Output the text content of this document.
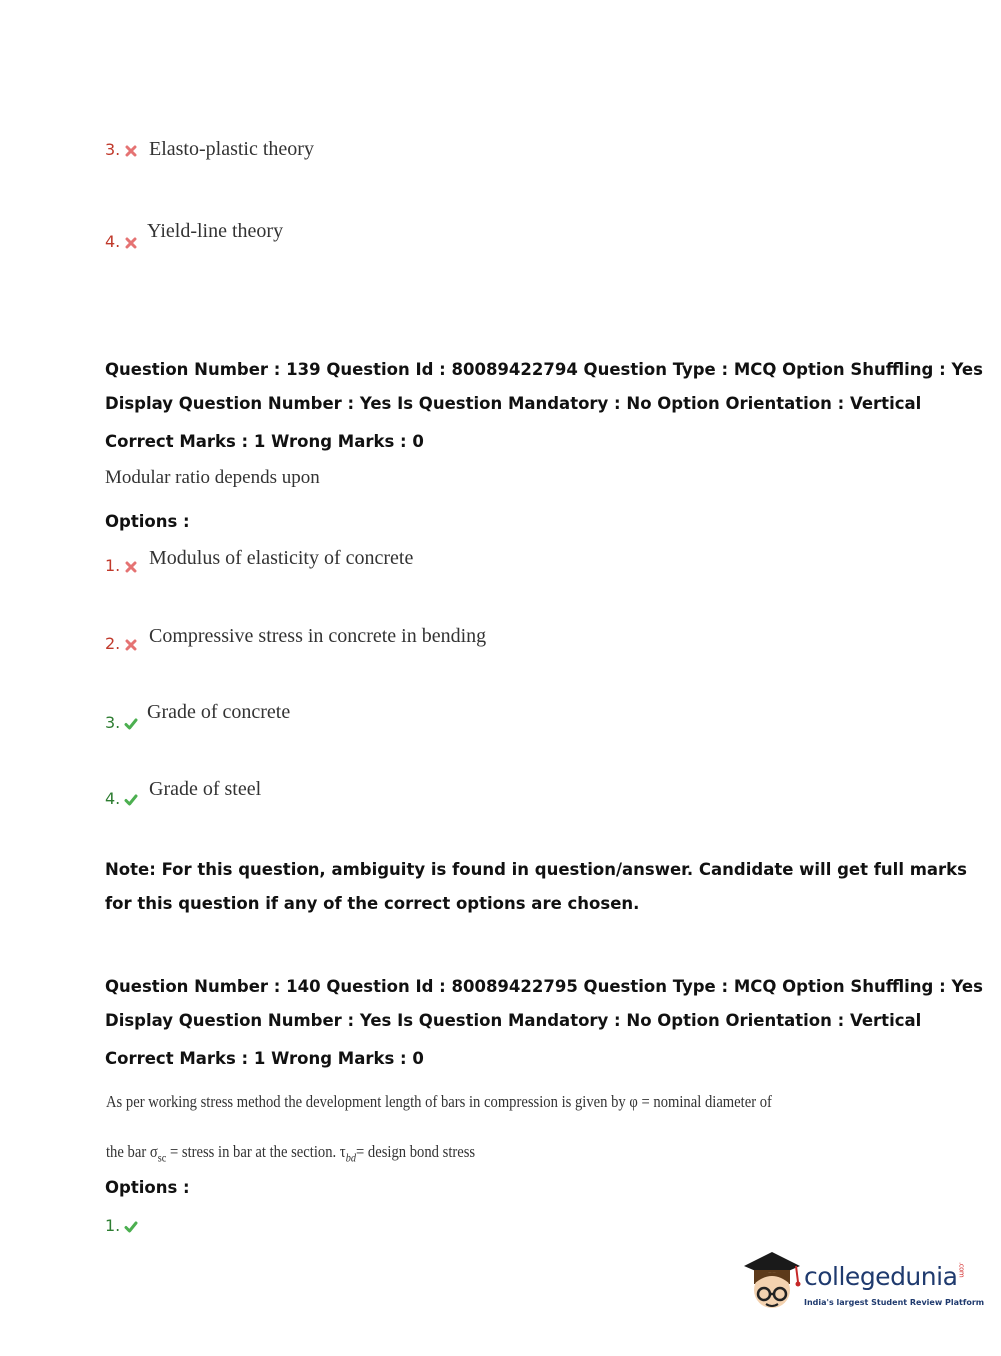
3. Elasto-plastic theory
4. Yield-line theory
Question Number : 139 Question Id : 80089422794 Question Type : MCQ Option Shuffling : Yes
Display Question Number : Yes Is Question Mandatory : No Option Orientation : Vertical
Correct Marks : 1 Wrong Marks : 0
Modular ratio depends upon
Options :
1. Modulus of elasticity of concrete
2. Compressive stress in concrete in bending
3. Grade of concrete
4. Grade of steel
Note: For this question, ambiguity is found in question/answer. Candidate will get full marks
for this question if any of the correct options are chosen.
Question Number : 140 Question Id : 80089422795 Question Type : MCQ Option Shuffling : Yes
Display Question Number : Yes Is Question Mandatory : No Option Orientation : Vertical
Correct Marks : 1 Wrong Marks : 0
As per working stress method the development length of bars in compression is given by φ = nominal diameter of
the bar $\sigma_{sc}$ = stress in bar at the section. $\tau_{bd}=$ design bond stress
Options :
1.
collegedunia.com
India's largest Student Review Platform
